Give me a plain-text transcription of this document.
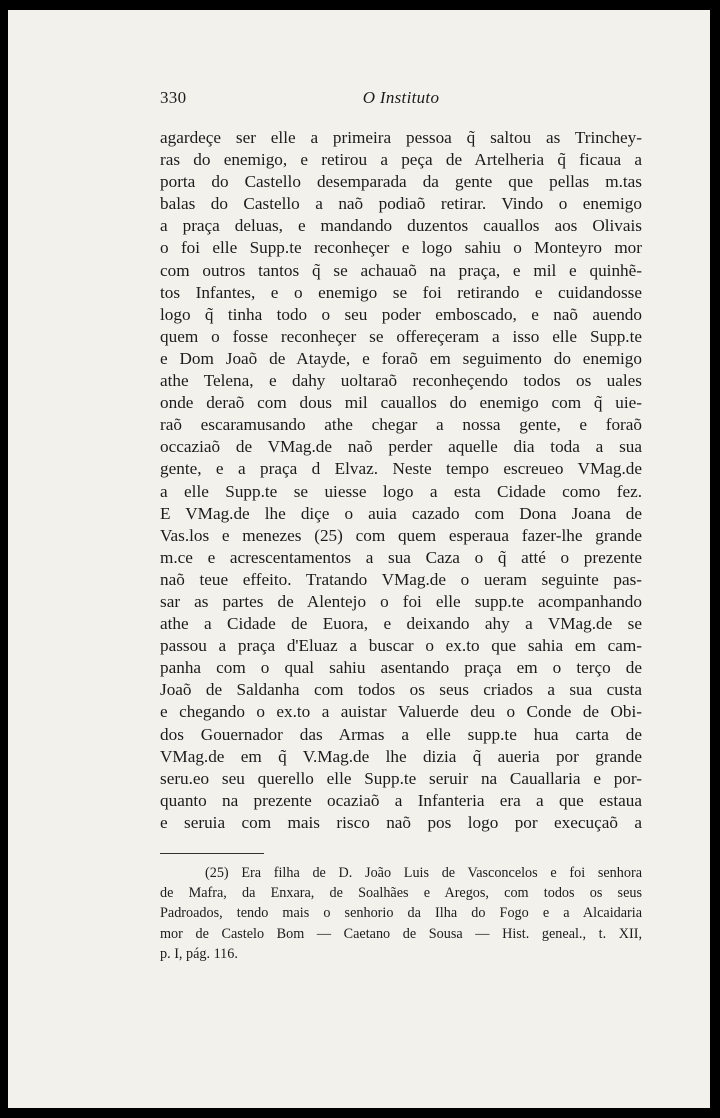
330	O Instituto
agardeçe ser elle a primeira pessoa q̃ saltou as Trinchey-
ras do enemigo, e retirou a peça de Artelheria q̃ ficaua a
porta do Castello desemparada da gente que pellas m.tas
balas do Castello a naõ podiaõ retirar. Vindo o enemigo
a praça deluas, e mandando duzentos cauallos aos Olivais
o foi elle Supp.te reconheçer e logo sahiu o Monteyro mor
com outros tantos q̃ se achauaõ na praça, e mil e quinhẽ-
tos Infantes, e o enemigo se foi retirando e cuidandosse
logo q̃ tinha todo o seu poder emboscado, e naõ auendo
quem o fosse reconheçer se offereçeram a isso elle Supp.te
e Dom Joaõ de Atayde, e foraõ em seguimento do enemigo
athe Telena, e dahy uoltaraõ reconheçendo todos os uales
onde deraõ com dous mil cauallos do enemigo com q̃ uie-
raõ escaramusando athe chegar a nossa gente, e foraõ
occaziaõ de VMag.de naõ perder aquelle dia toda a sua
gente, e a praça d Elvaz. Neste tempo escreueo VMag.de
a elle Supp.te se uiesse logo a esta Cidade como fez.
E VMag.de lhe diçe o auia cazado com Dona Joana de
Vas.los e menezes (25) com quem esperaua fazer-lhe grande
m.ce e acrescentamentos a sua Caza o q̃ atté o prezente
naõ teue effeito. Tratando VMag.de o ueram seguinte pas-
sar as partes de Alentejo o foi elle supp.te acompanhando
athe a Cidade de Euora, e deixando ahy a VMag.de se
passou a praça d'Eluaz a buscar o ex.to que sahia em cam-
panha com o qual sahiu asentando praça em o terço de
Joaõ de Saldanha com todos os seus criados a sua custa
e chegando o ex.to a auistar Valuerde deu o Conde de Obi-
dos Gouernador das Armas a elle supp.te hua carta de
VMag.de em q̃ V.Mag.de lhe dizia q̃ aueria por grande
seru.eo seu querello elle Supp.te seruir na Cauallaria e por-
quanto na prezente ocaziaõ a Infanteria era a que estaua
e seruia com mais risco naõ pos logo por execuçaõ a
(25) Era filha de D. João Luis de Vasconcelos e foi senhora
de Mafra, da Enxara, de Soalhães e Aregos, com todos os seus
Padroados, tendo mais o senhorio da Ilha do Fogo e a Alcaidaria
mor de Castelo Bom — Caetano de Sousa — Hist. geneal., t. XII,
p. I, pág. 116.
